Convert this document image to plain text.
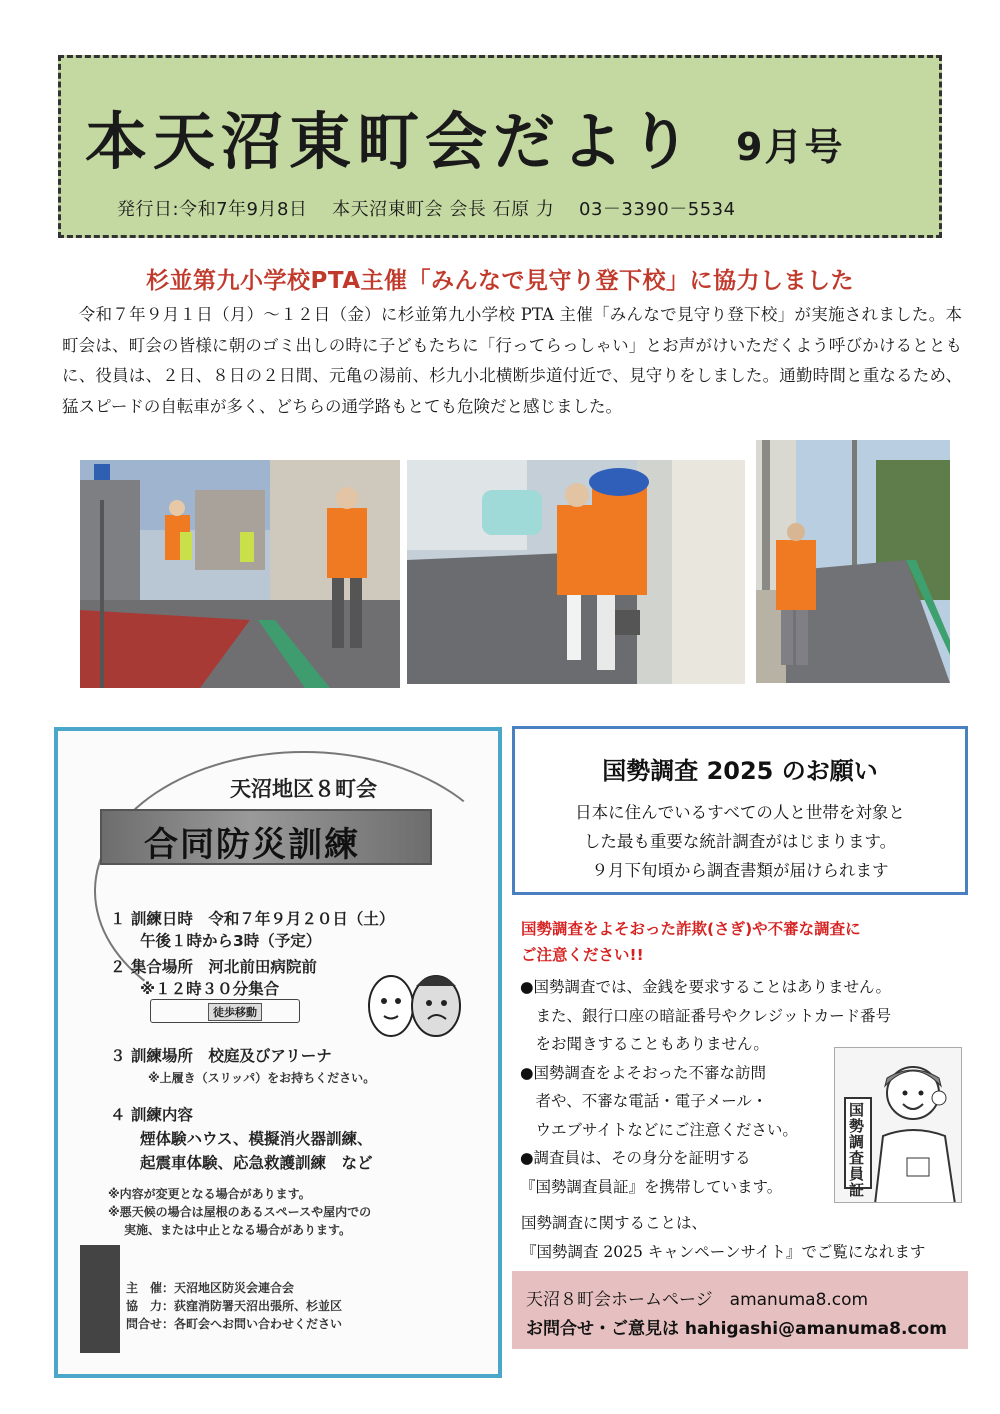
本天沼東町会だより 9月号
発行日:令和7年9月8日　 本天沼東町会 会長 石原 力　 03－3390－5534
杉並第九小学校PTA主催「みんなで見守り登下校」に協力しました
　令和７年９月１日（月）～１２日（金）に杉並第九小学校 PTA 主催「みんなで見守り登下校」が実施されました。本町会は、町会の皆様に朝のゴミ出しの時に子どもたちに「行ってらっしゃい」とお声がけいただくよう呼びかけるとともに、役員は、２日、８日の２日間、元亀の湯前、杉九小北横断歩道付近で、見守りをしました。通勤時間と重なるため、猛スピードの自転車が多く、どちらの通学路もとても危険だと感じました。
天沼地区８町会
合同防災訓練
１ 訓練日時　令和７年９月２０日（土）
午後１時から3時（予定）
２ 集合場所　河北前田病院前
※１２時３０分集合
徒歩移動
３ 訓練場所　校庭及びアリーナ
※上履き（スリッパ）をお持ちください。
４ 訓練内容
煙体験ハウス、模擬消火器訓練、
起震車体験、応急救護訓練　など
※内容が変更となる場合があります。
※悪天候の場合は屋根のあるスペースや屋内での
実施、または中止となる場合があります。
主　催：天沼地区防災会連合会
協　力：荻窪消防署天沼出張所、杉並区
問合せ：各町会へお問い合わせください
国勢調査 2025 のお願い
日本に住んでいるすべての人と世帯を対象と
した最も重要な統計調査がはじまります。
９月下旬頃から調査書類が届けられます
国勢調査をよそおった詐欺(さぎ)や不審な調査に
ご注意ください!!
●国勢調査では、金銭を要求することはありません。
　また、銀行口座の暗証番号やクレジットカード番号
　をお聞きすることもありません。
●国勢調査をよそおった不審な訪問
　者や、不審な電話・電子メール・
　ウエブサイトなどにご注意ください。
●調査員は、その身分を証明する
『国勢調査員証』を携帯しています。
国勢調査員証
国勢調査に関することは、
『国勢調査 2025 キャンペーンサイト』でご覧になれます
天沼８町会ホームページ　amanuma8.com
お問合せ・ご意見は hahigashi@amanuma8.com
